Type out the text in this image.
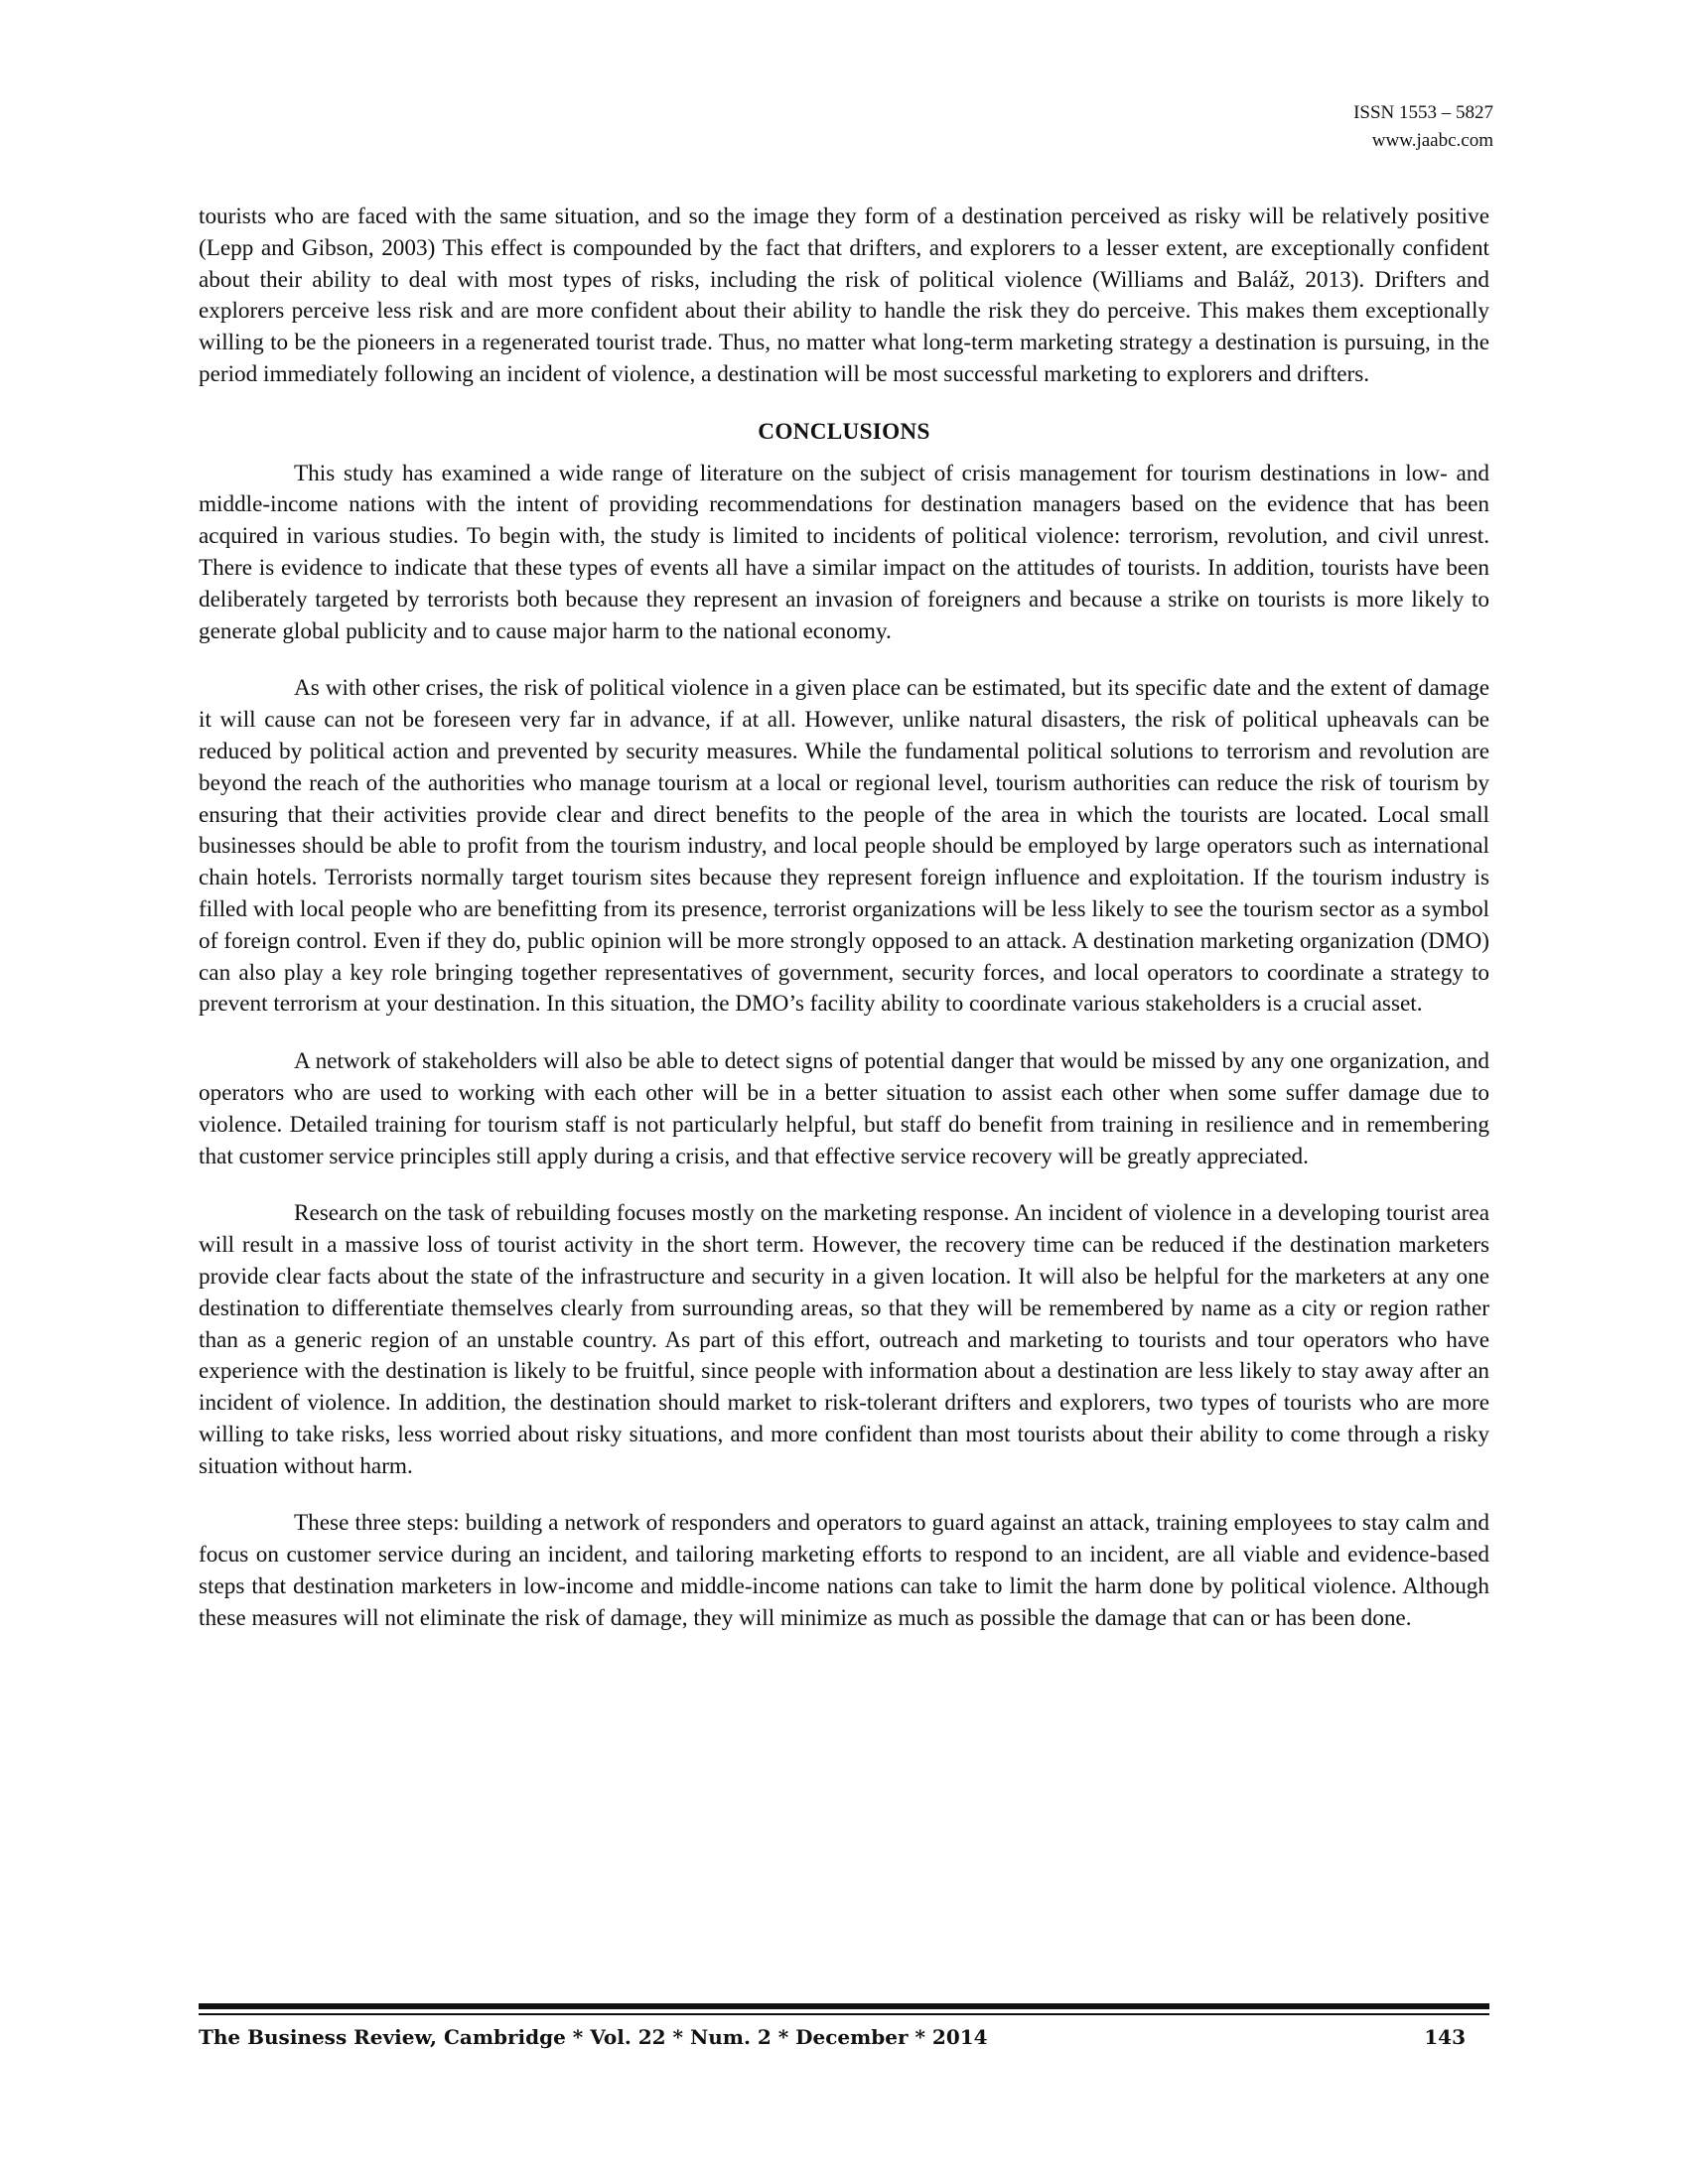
ISSN 1553 – 5827
www.jaabc.com

tourists who are faced with the same situation, and so the image they form of a destination perceived as risky will be relatively positive (Lepp and Gibson, 2003) This effect is compounded by the fact that drifters, and explorers to a lesser extent, are exceptionally confident about their ability to deal with most types of risks, including the risk of political violence (Williams and Baláž, 2013). Drifters and explorers perceive less risk and are more confident about their ability to handle the risk they do perceive. This makes them exceptionally willing to be the pioneers in a regenerated tourist trade. Thus, no matter what long-term marketing strategy a destination is pursuing, in the period immediately following an incident of violence, a destination will be most successful marketing to explorers and drifters.

CONCLUSIONS

This study has examined a wide range of literature on the subject of crisis management for tourism destinations in low- and middle-income nations with the intent of providing recommendations for destination managers based on the evidence that has been acquired in various studies. To begin with, the study is limited to incidents of political violence: terrorism, revolution, and civil unrest. There is evidence to indicate that these types of events all have a similar impact on the attitudes of tourists. In addition, tourists have been deliberately targeted by terrorists both because they represent an invasion of foreigners and because a strike on tourists is more likely to generate global publicity and to cause major harm to the national economy.

As with other crises, the risk of political violence in a given place can be estimated, but its specific date and the extent of damage it will cause can not be foreseen very far in advance, if at all. However, unlike natural disasters, the risk of political upheavals can be reduced by political action and prevented by security measures. While the fundamental political solutions to terrorism and revolution are beyond the reach of the authorities who manage tourism at a local or regional level, tourism authorities can reduce the risk of tourism by ensuring that their activities provide clear and direct benefits to the people of the area in which the tourists are located. Local small businesses should be able to profit from the tourism industry, and local people should be employed by large operators such as international chain hotels. Terrorists normally target tourism sites because they represent foreign influence and exploitation. If the tourism industry is filled with local people who are benefitting from its presence, terrorist organizations will be less likely to see the tourism sector as a symbol of foreign control. Even if they do, public opinion will be more strongly opposed to an attack. A destination marketing organization (DMO) can also play a key role bringing together representatives of government, security forces, and local operators to coordinate a strategy to prevent terrorism at your destination. In this situation, the DMO’s facility ability to coordinate various stakeholders is a crucial asset.

A network of stakeholders will also be able to detect signs of potential danger that would be missed by any one organization, and operators who are used to working with each other will be in a better situation to assist each other when some suffer damage due to violence. Detailed training for tourism staff is not particularly helpful, but staff do benefit from training in resilience and in remembering that customer service principles still apply during a crisis, and that effective service recovery will be greatly appreciated.

Research on the task of rebuilding focuses mostly on the marketing response. An incident of violence in a developing tourist area will result in a massive loss of tourist activity in the short term. However, the recovery time can be reduced if the destination marketers provide clear facts about the state of the infrastructure and security in a given location. It will also be helpful for the marketers at any one destination to differentiate themselves clearly from surrounding areas, so that they will be remembered by name as a city or region rather than as a generic region of an unstable country. As part of this effort, outreach and marketing to tourists and tour operators who have experience with the destination is likely to be fruitful, since people with information about a destination are less likely to stay away after an incident of violence. In addition, the destination should market to risk-tolerant drifters and explorers, two types of tourists who are more willing to take risks, less worried about risky situations, and more confident than most tourists about their ability to come through a risky situation without harm.

These three steps: building a network of responders and operators to guard against an attack, training employees to stay calm and focus on customer service during an incident, and tailoring marketing efforts to respond to an incident, are all viable and evidence-based steps that destination marketers in low-income and middle-income nations can take to limit the harm done by political violence. Although these measures will not eliminate the risk of damage, they will minimize as much as possible the damage that can or has been done.

The Business Review, Cambridge * Vol. 22 * Num. 2 * December * 2014	143
